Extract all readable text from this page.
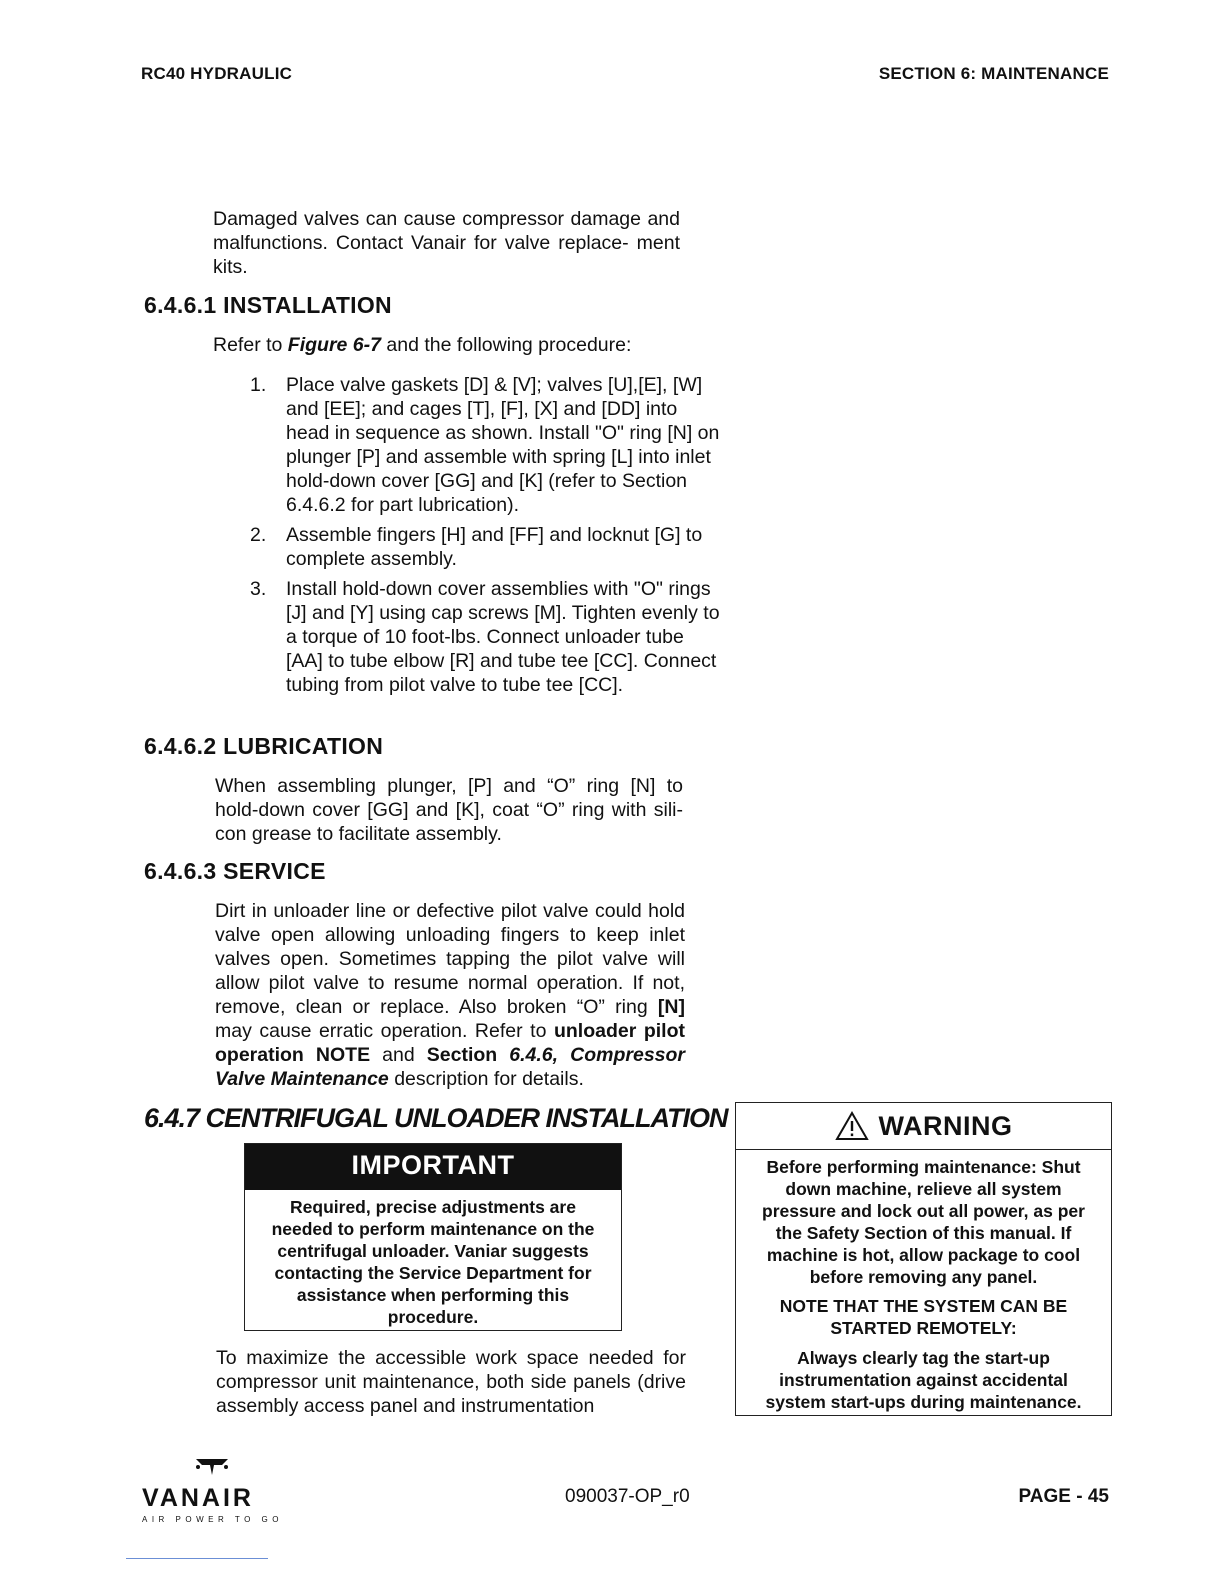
RC40 HYDRAULIC	SECTION 6: MAINTENANCE
Damaged valves can cause compressor damage and malfunctions. Contact Vanair for valve replace- ment kits.
6.4.6.1 INSTALLATION
Refer to Figure 6-7 and the following procedure:
1. Place valve gaskets [D] & [V]; valves [U],[E], [W] and [EE]; and cages [T], [F], [X] and [DD] into head in sequence as shown. Install "O" ring [N] on plunger [P] and assemble with spring [L] into inlet hold-down cover [GG] and [K] (refer to Section 6.4.6.2 for part lubrication).
2. Assemble fingers [H] and [FF] and locknut [G] to complete assembly.
3. Install hold-down cover assemblies with "O" rings [J] and [Y] using cap screws [M]. Tighten evenly to a torque of 10 foot-lbs. Connect unloader tube [AA] to tube elbow [R] and tube tee [CC]. Connect tubing from pilot valve to tube tee [CC].
6.4.6.2 LUBRICATION
When assembling plunger, [P] and “O” ring [N] to hold-down cover [GG] and [K], coat “O” ring with sili- con grease to facilitate assembly.
6.4.6.3 SERVICE
Dirt in unloader line or defective pilot valve could hold valve open allowing unloading fingers to keep inlet valves open. Sometimes tapping the pilot valve will allow pilot valve to resume normal operation. If not, remove, clean or replace. Also broken “O” ring [N] may cause erratic operation. Refer to unloader pilot operation NOTE and Section 6.4.6, Compressor Valve Maintenance description for details.
6.4.7 CENTRIFUGAL UNLOADER INSTALLATION
IMPORTANT
Required, precise adjustments are needed to perform maintenance on the centrifugal unloader. Vaniar suggests contacting the Service Department for assistance when performing this procedure.
To maximize the accessible work space needed for compressor unit maintenance, both side panels (drive assembly access panel and instrumentation
WARNING

Before performing maintenance: Shut down machine, relieve all system pressure and lock out all power, as per the Safety Section of this manual. If machine is hot, allow package to cool before removing any panel.

NOTE THAT THE SYSTEM CAN BE STARTED REMOTELY:

Always clearly tag the start-up instrumentation against accidental system start-ups during maintenance.

VANAIR
AIR POWER TO GO
090037-OP_r0	PAGE - 45
